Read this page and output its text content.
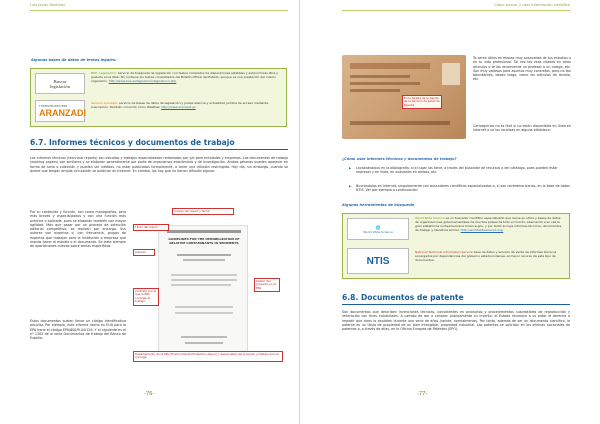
Luis Javier Martínez
Algunas bases de datos de textos legales:
Buscar
legislación
BOE. Legislación: servicio de búsqueda de legislación con textos completos de disposiciones estatales y autonómicas libre y gratuito en la Web. No contiene los textos consolidados del Boletín Oficial del Estado, aunque es una prestación del mismo organismo. http://www.boe.es/legislacion/legislacion.php
THOMSON REUTERS
ARANZADI
Servicio Aranzadi: servicio de bases de datos de legislación y jurisprudencia y actualidad jurídica de acceso mediante suscripción. También conocido como Westlaw. http://www.aranzadi.es
6.7. Informes técnicos y documentos de trabajo
Los informes técnicos (technical reports) son estudios y trabajos especializados redactados por y/o para entidades y empresas. Los documentos de trabajo (working papers) son similares y se elaboran generalmente por parte de organismos económicos y de investigación. Ambos géneros pueden aparecer en forma de serie o colección y pueden ser inéditos, no estar publicados formalmente, o tener una difusión restringida. Hoy día, sin embargo, cuando se quiere que tengan amplia circulación se publican en Internet. En cambio, los hay que no tienen difusión alguna.
Por su contenido y función, son como monografías, pero más breves y especializados y con una función más práctica o aplicada, pues se elaboran también con mayor agilidad. Más que pasar por un proceso de selección editorial competitivo, se realizan por encargo. Sus autores son expertos o, con frecuencia, grupos de expertos que trabajan para la institución o empresa que manda hacer el estudio o el documento. Se trata siempre de aportaciones nuevas sobre temas específicos.
Estos documentos suelen llevar un código identificativo peculiar. Por ejemplo, este informe hecho en EUA para la EPA tiene el código EPA/600/R-04/129. Y el siguiente es el nº 1302 de la serie Documentos de trabajo del Banco de España.
GUIDELINES FOR THE IMMOBILIZATION OF RELATIVE CONTAMINANTS IN SEDIMENTS
Código del report y fecha
Título del report
Autores
Contrato por el que la EPA encarga el trabajo.
Gestor del proyecto en la EPA
Departamento de la EPA (Environmental Protection Agency) responsable del proyecto y trabajo que se encarga.
-76-
Cómo buscar y usar información científica
En la tarjeta de la tienda de la Sección de salud de España
Te serán útiles en etapas muy avanzadas de tus estudios o en tu vida profesional. Tal vez los veas citados en otros artículos o te los recomiende un profesor o un colega, etc. Son muy valiosos para asuntos muy concretos, pero no tan abundantes, desde luego, como los artículos de revista, etc.
Conseguirlos no es fácil si no están disponibles en línea en Internet o no los localizas en alguna biblioteca.
¿Cómo usar informes técnicos y documentos de trabajo?
▶ Localizándolos en la bibliografía, si el lugar los tiene, a través del buscador de recursos o del catálogo, pues pueden estar impresos y en línea, en ocasiones en ambos, etc.
▶ Buscándolos en Internet, singularmente con buscadores científicos especializados o, si son norteamericanos, en la base de datos NTIS. Ver por ejemplo a continuación:
Algunas herramientas de búsqueda
🌐
World Wide Science
World Wide Science es un buscador científico especializado que reúne en sitios y bases de datos de organizaciones gubernamentales de muchos países de todo el mundo, abarcando a su vez la gran plataforma norteamericana Science.gov, y por tanto incluye informes técnicos, documentos de trabajo y literatura similar. http://worldwidescience.org/
NTIS
National Technical Information Service base de datos y servicio de venta de informes técnicos encargados por dependencias del gobierno estadounidense, el mayor recurso de este tipo de documentos.
6.8. Documentos de patente
Son documentos que describen invenciones técnicas, consistentes en productos y procedimientos susceptibles de reproducción y reiteración con fines industriales. A cambio de dar a conocer públicamente su invento, el Estado reconoce a su autor el derecho a impedir que otros lo exploten durante una serie de años (veinte, normalmente). Por tanto, además de ser un documento científico, la patente es un título de propiedad de un bien intangible, propiedad industrial. Las patentes se solicitan en las oficinas nacionales de patentes o, a través de ellas, en la Oficina Europea de Patentes (EPO).
-77-
